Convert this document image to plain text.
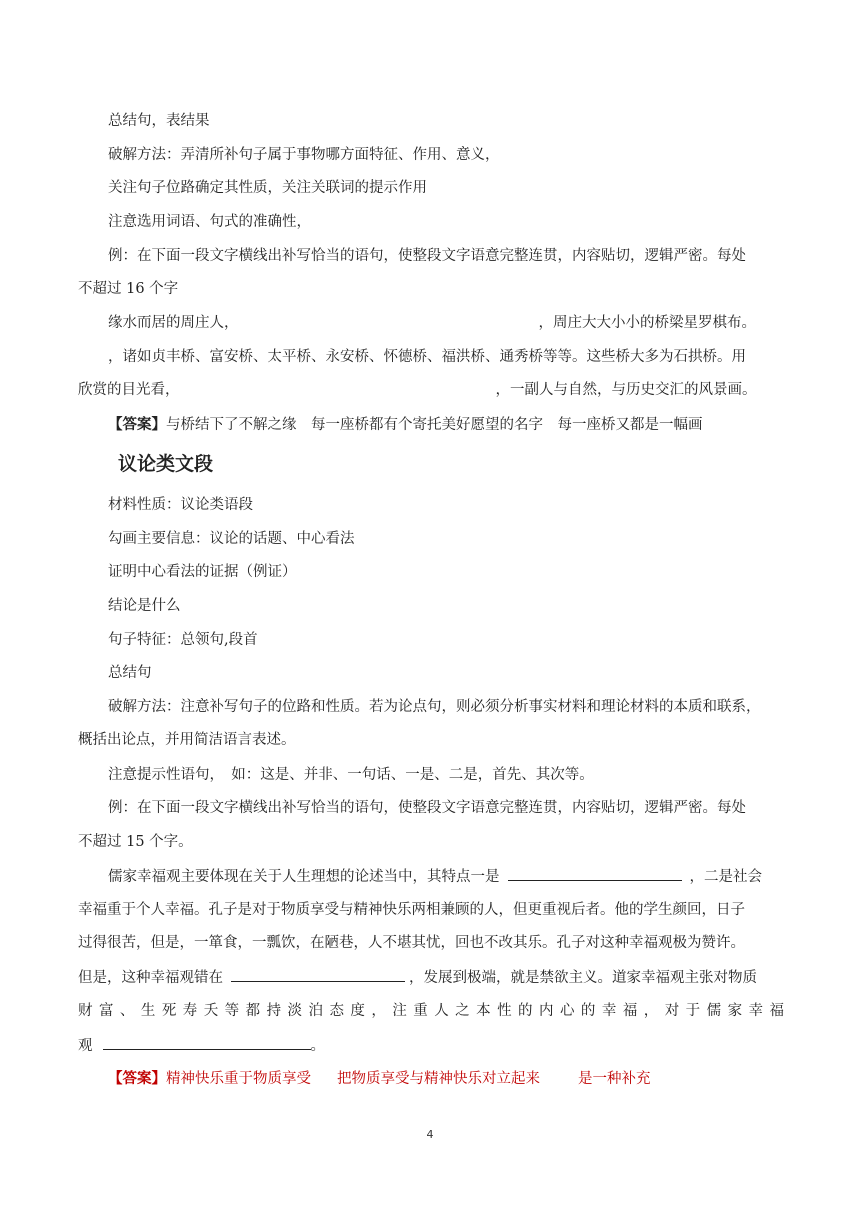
总结句，表结果
破解方法：弄清所补句子属于事物哪方面特征、作用、意义，
关注句子位路确定其性质，关注关联词的提示作用
注意选用词语、句式的准确性，
例：在下面一段文字横线出补写恰当的语句，使整段文字语意完整连贯，内容贴切，逻辑严密。每处
不超过 16 个字
缘水而居的周庄人，	，周庄大大小小的桥梁星罗棋布。
，诸如贞丰桥、富安桥、太平桥、永安桥、怀德桥、福洪桥、通秀桥等等。这些桥大多为石拱桥。用
欣赏的目光看，	，一副人与自然，与历史交汇的风景画。
【答案】与桥结下了不解之缘　每一座桥都有个寄托美好愿望的名字　每一座桥又都是一幅画
议论类文段
材料性质：议论类语段
勾画主要信息：议论的话题、中心看法
证明中心看法的证据（例证）
结论是什么
句子特征：总领句,段首
总结句
破解方法：注意补写句子的位路和性质。若为论点句，则必须分析事实材料和理论材料的本质和联系，
概括出论点，并用简洁语言表述。
注意提示性语句，　如：这是、并非、一句话、一是、二是，首先、其次等。
例：在下面一段文字横线出补写恰当的语句，使整段文字语意完整连贯，内容贴切，逻辑严密。每处
不超过 15 个字。
儒家幸福观主要体现在关于人生理想的论述当中，其特点一是	，二是社会
幸福重于个人幸福。孔子是对于物质享受与精神快乐两相兼顾的人，但更重视后者。他的学生颜回，日子
过得很苦，但是，一箪食，一瓢饮，在陋巷，人不堪其忧，回也不改其乐。孔子对这种幸福观极为赞许。
但是，这种幸福观错在	，发展到极端，就是禁欲主义。道家幸福观主张对物质
财富、生死寿夭等都持淡泊态度，注重人之本性的内心的幸福，对于儒家幸福
观	。
【答案】精神快乐重于物质享受 把物质享受与精神快乐对立起来	是一种补充
4
